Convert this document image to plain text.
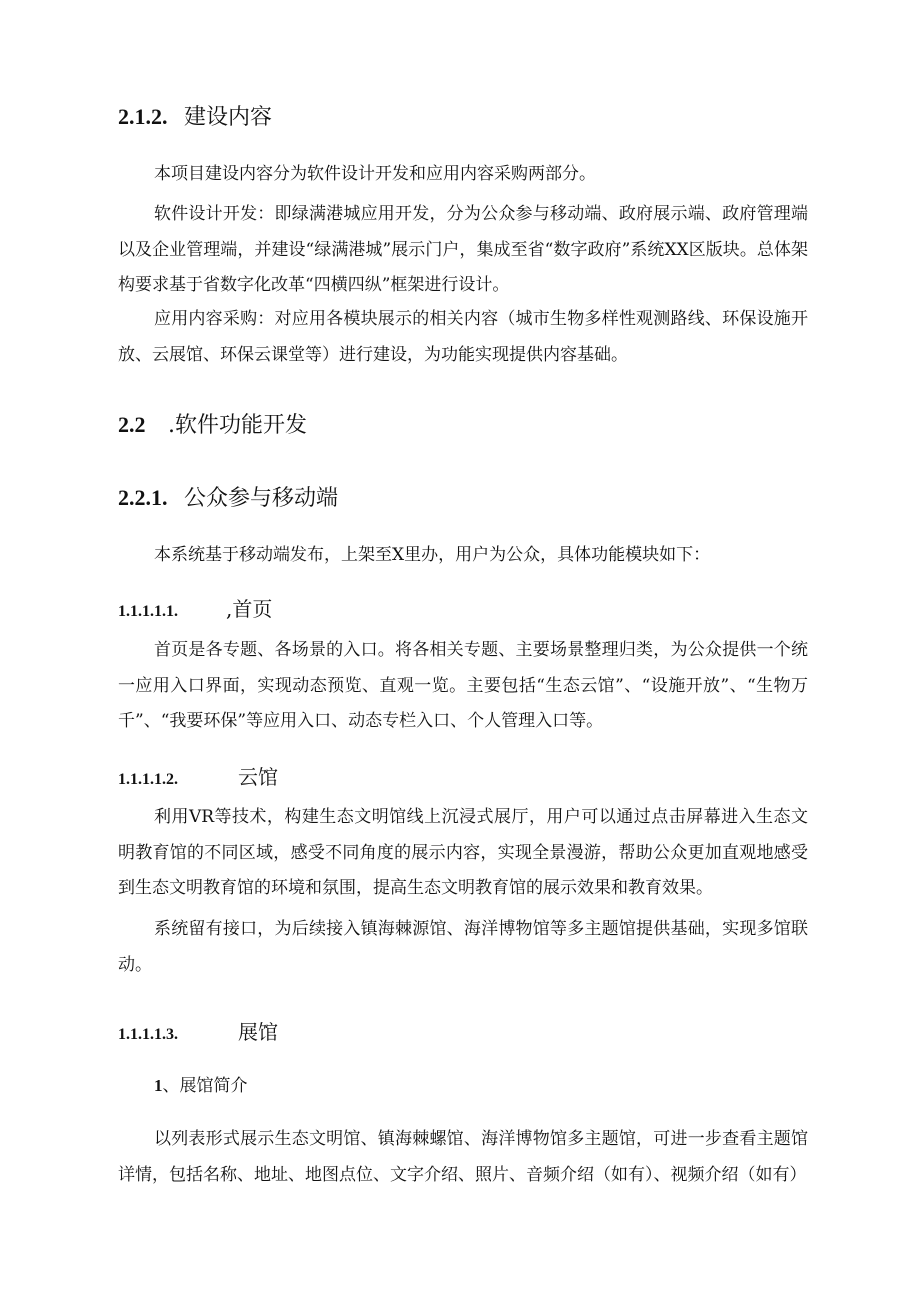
2.1.2. 建设内容

本项目建设内容分为软件设计开发和应用内容采购两部分。

软件设计开发：即绿满港城应用开发，分为公众参与移动端、政府展示端、政府管理端以及企业管理端，并建设“绿满港城”展示门户，集成至省“数字政府”系统XX区版块。总体架构要求基于省数字化改革“四横四纵”框架进行设计。

应用内容采购：对应用各模块展示的相关内容（城市生物多样性观测路线、环保设施开放、云展馆、环保云课堂等）进行建设，为功能实现提供内容基础。

2.2 .软件功能开发
2.2.1. 公众参与移动端

本系统基于移动端发布，上架至X里办，用户为公众，具体功能模块如下：

1.1.1.1.1. ,首页

首页是各专题、各场景的入口。将各相关专题、主要场景整理归类，为公众提供一个统一应用入口界面，实现动态预览、直观一览。主要包括“生态云馆”、“设施开放”、“生物万千”、“我要环保”等应用入口、动态专栏入口、个人管理入口等。

1.1.1.1.2.	云馆

利用VR等技术，构建生态文明馆线上沉浸式展厅，用户可以通过点击屏幕进入生态文明教育馆的不同区域，感受不同角度的展示内容，实现全景漫游，帮助公众更加直观地感受到生态文明教育馆的环境和氛围，提高生态文明教育馆的展示效果和教育效果。

系统留有接口，为后续接入镇海棘源馆、海洋博物馆等多主题馆提供基础，实现多馆联动。

1.1.1.1.3.	展馆
1、展馆简介

以列表形式展示生态文明馆、镇海棘螺馆、海洋博物馆多主题馆，可进一步查看主题馆详情，包括名称、地址、地图点位、文字介绍、照片、音频介绍（如有）、视频介绍（如有）
